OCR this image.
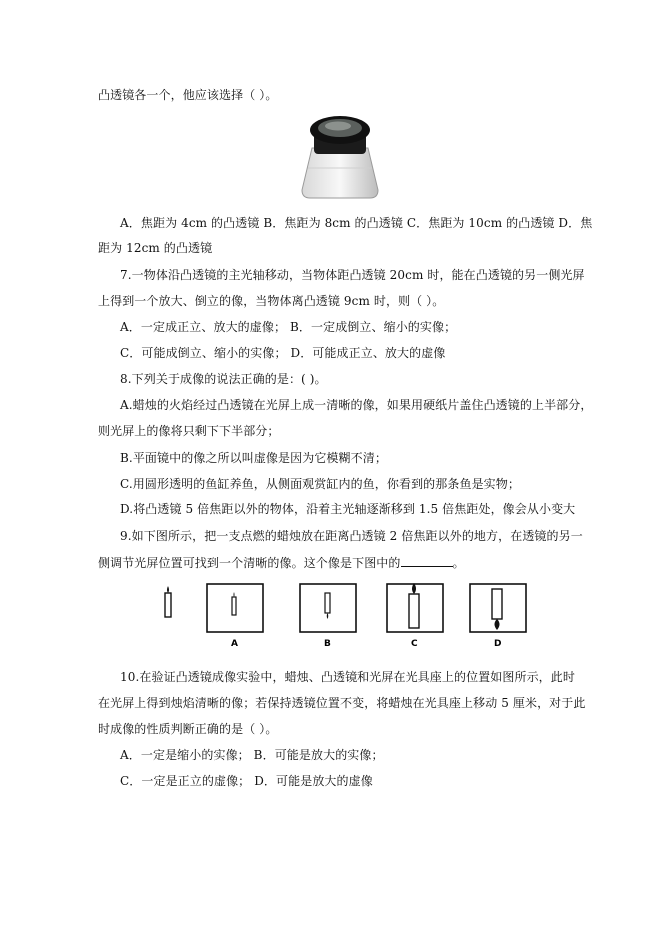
凸透镜各一个，他应该选择（ ）。
A．焦距为 4cm 的凸透镜 B．焦距为 8cm 的凸透镜 C．焦距为 10cm 的凸透镜 D．焦
距为 12cm 的凸透镜
7.一物体沿凸透镜的主光轴移动，当物体距凸透镜 20cm 时，能在凸透镜的另一侧光屏
上得到一个放大、倒立的像，当物体离凸透镜 9cm 时，则（ ）。
A．一定成正立、放大的虚像； B．一定成倒立、缩小的实像；
C．可能成倒立、缩小的实像； D．可能成正立、放大的虚像
8.下列关于成像的说法正确的是：( )。
A.蜡烛的火焰经过凸透镜在光屏上成一清晰的像，如果用硬纸片盖住凸透镜的上半部分，
则光屏上的像将只剩下下半部分；
B.平面镜中的像之所以叫虚像是因为它模糊不清；
C.用圆形透明的鱼缸养鱼，从侧面观赏缸内的鱼，你看到的那条鱼是实物；
D.将凸透镜 5 倍焦距以外的物体，沿着主光轴逐渐移到 1.5 倍焦距处，像会从小变大
9.如下图所示，把一支点燃的蜡烛放在距离凸透镜 2 倍焦距以外的地方，在透镜的另一
侧调节光屏位置可找到一个清晰的像。这个像是下图中的	。
A	B	C	D
10.在验证凸透镜成像实验中，蜡烛、凸透镜和光屏在光具座上的位置如图所示，此时
在光屏上得到烛焰清晰的像；若保持透镜位置不变，将蜡烛在光具座上移动 5 厘米，对于此
时成像的性质判断正确的是（ ）。
A．一定是缩小的实像； B．可能是放大的实像；
C．一定是正立的虚像； D．可能是放大的虚像
